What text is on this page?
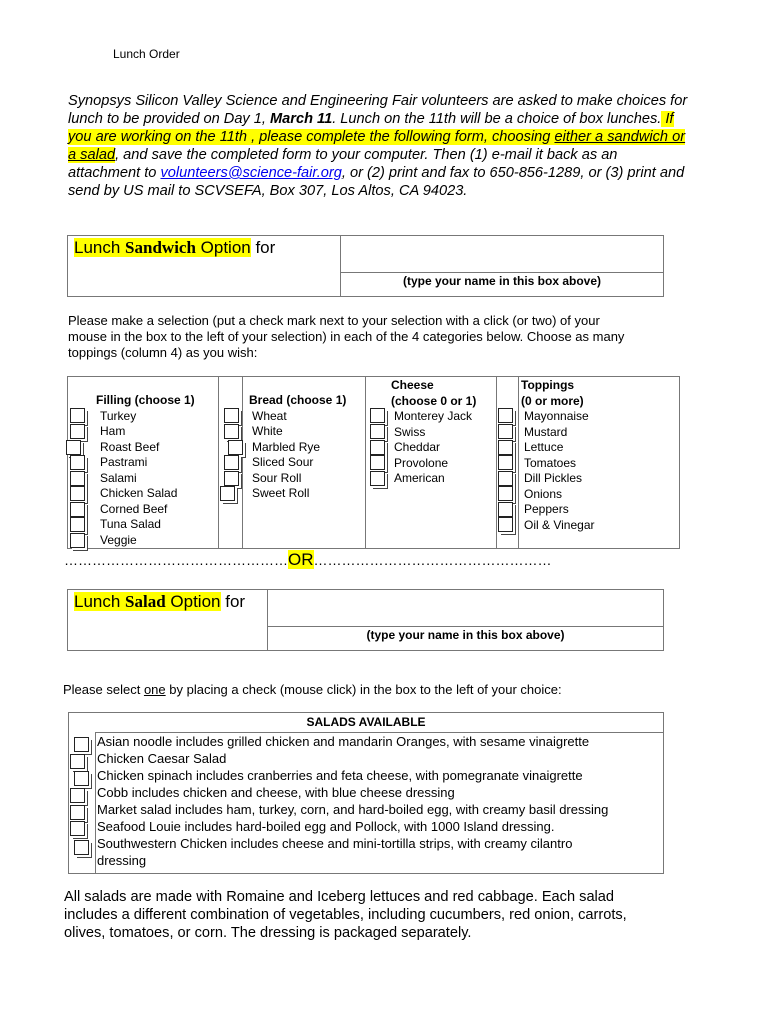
Lunch Order

Synopsys Silicon Valley Science and Engineering Fair volunteers are asked to make choices for lunch to be provided on Day 1, March 11. Lunch on the 11th will be a choice of box lunches. If you are working on the 11th , please complete the following form, choosing either a sandwich or a salad, and save the completed form to your computer. Then (1) e-mail it back as an attachment to volunteers@science-fair.org, or (2) print and fax to 650-856-1289, or (3) print and send by US mail to SCVSEFA, Box 307, Los Altos, CA 94023.

Lunch Sandwich Option for
(type your name in this box above)

Please make a selection (put a check mark next to your selection with a click (or two) of your mouse in the box to the left of your selection) in each of the 4 categories below. Choose as many toppings (column 4) as you wish:

Filling (choose 1)
Turkey
Ham
Roast Beef
Pastrami
Salami
Chicken Salad
Corned Beef
Tuna Salad
Veggie
Bread (choose 1)
Wheat
White
Marbled Rye
Sliced Sour
Sour Roll
Sweet Roll
Cheese
(choose 0 or 1)
Monterey Jack
Swiss
Cheddar
Provolone
American
Toppings
(0 or more)
Mayonnaise
Mustard
Lettuce
Tomatoes
Dill Pickles
Onions
Peppers
Oil & Vinegar
…………………………………………OR……………………………………………
Lunch Salad Option for
(type your name in this box above)
Please select one by placing a check (mouse click) in the box to the left of your choice:
SALADS AVAILABLE
Asian noodle includes grilled chicken and mandarin Oranges, with sesame vinaigrette
Chicken Caesar Salad
Chicken spinach includes cranberries and feta cheese, with pomegranate vinaigrette
Cobb includes chicken and cheese, with blue cheese dressing
Market salad includes ham, turkey, corn, and hard-boiled egg, with creamy basil dressing
Seafood Louie includes hard-boiled egg and Pollock, with 1000 Island dressing.
Southwestern Chicken includes cheese and mini-tortilla strips, with creamy cilantro dressing
All salads are made with Romaine and Iceberg lettuces and red cabbage. Each salad includes a different combination of vegetables, including cucumbers, red onion, carrots, olives, tomatoes, or corn. The dressing is packaged separately.
